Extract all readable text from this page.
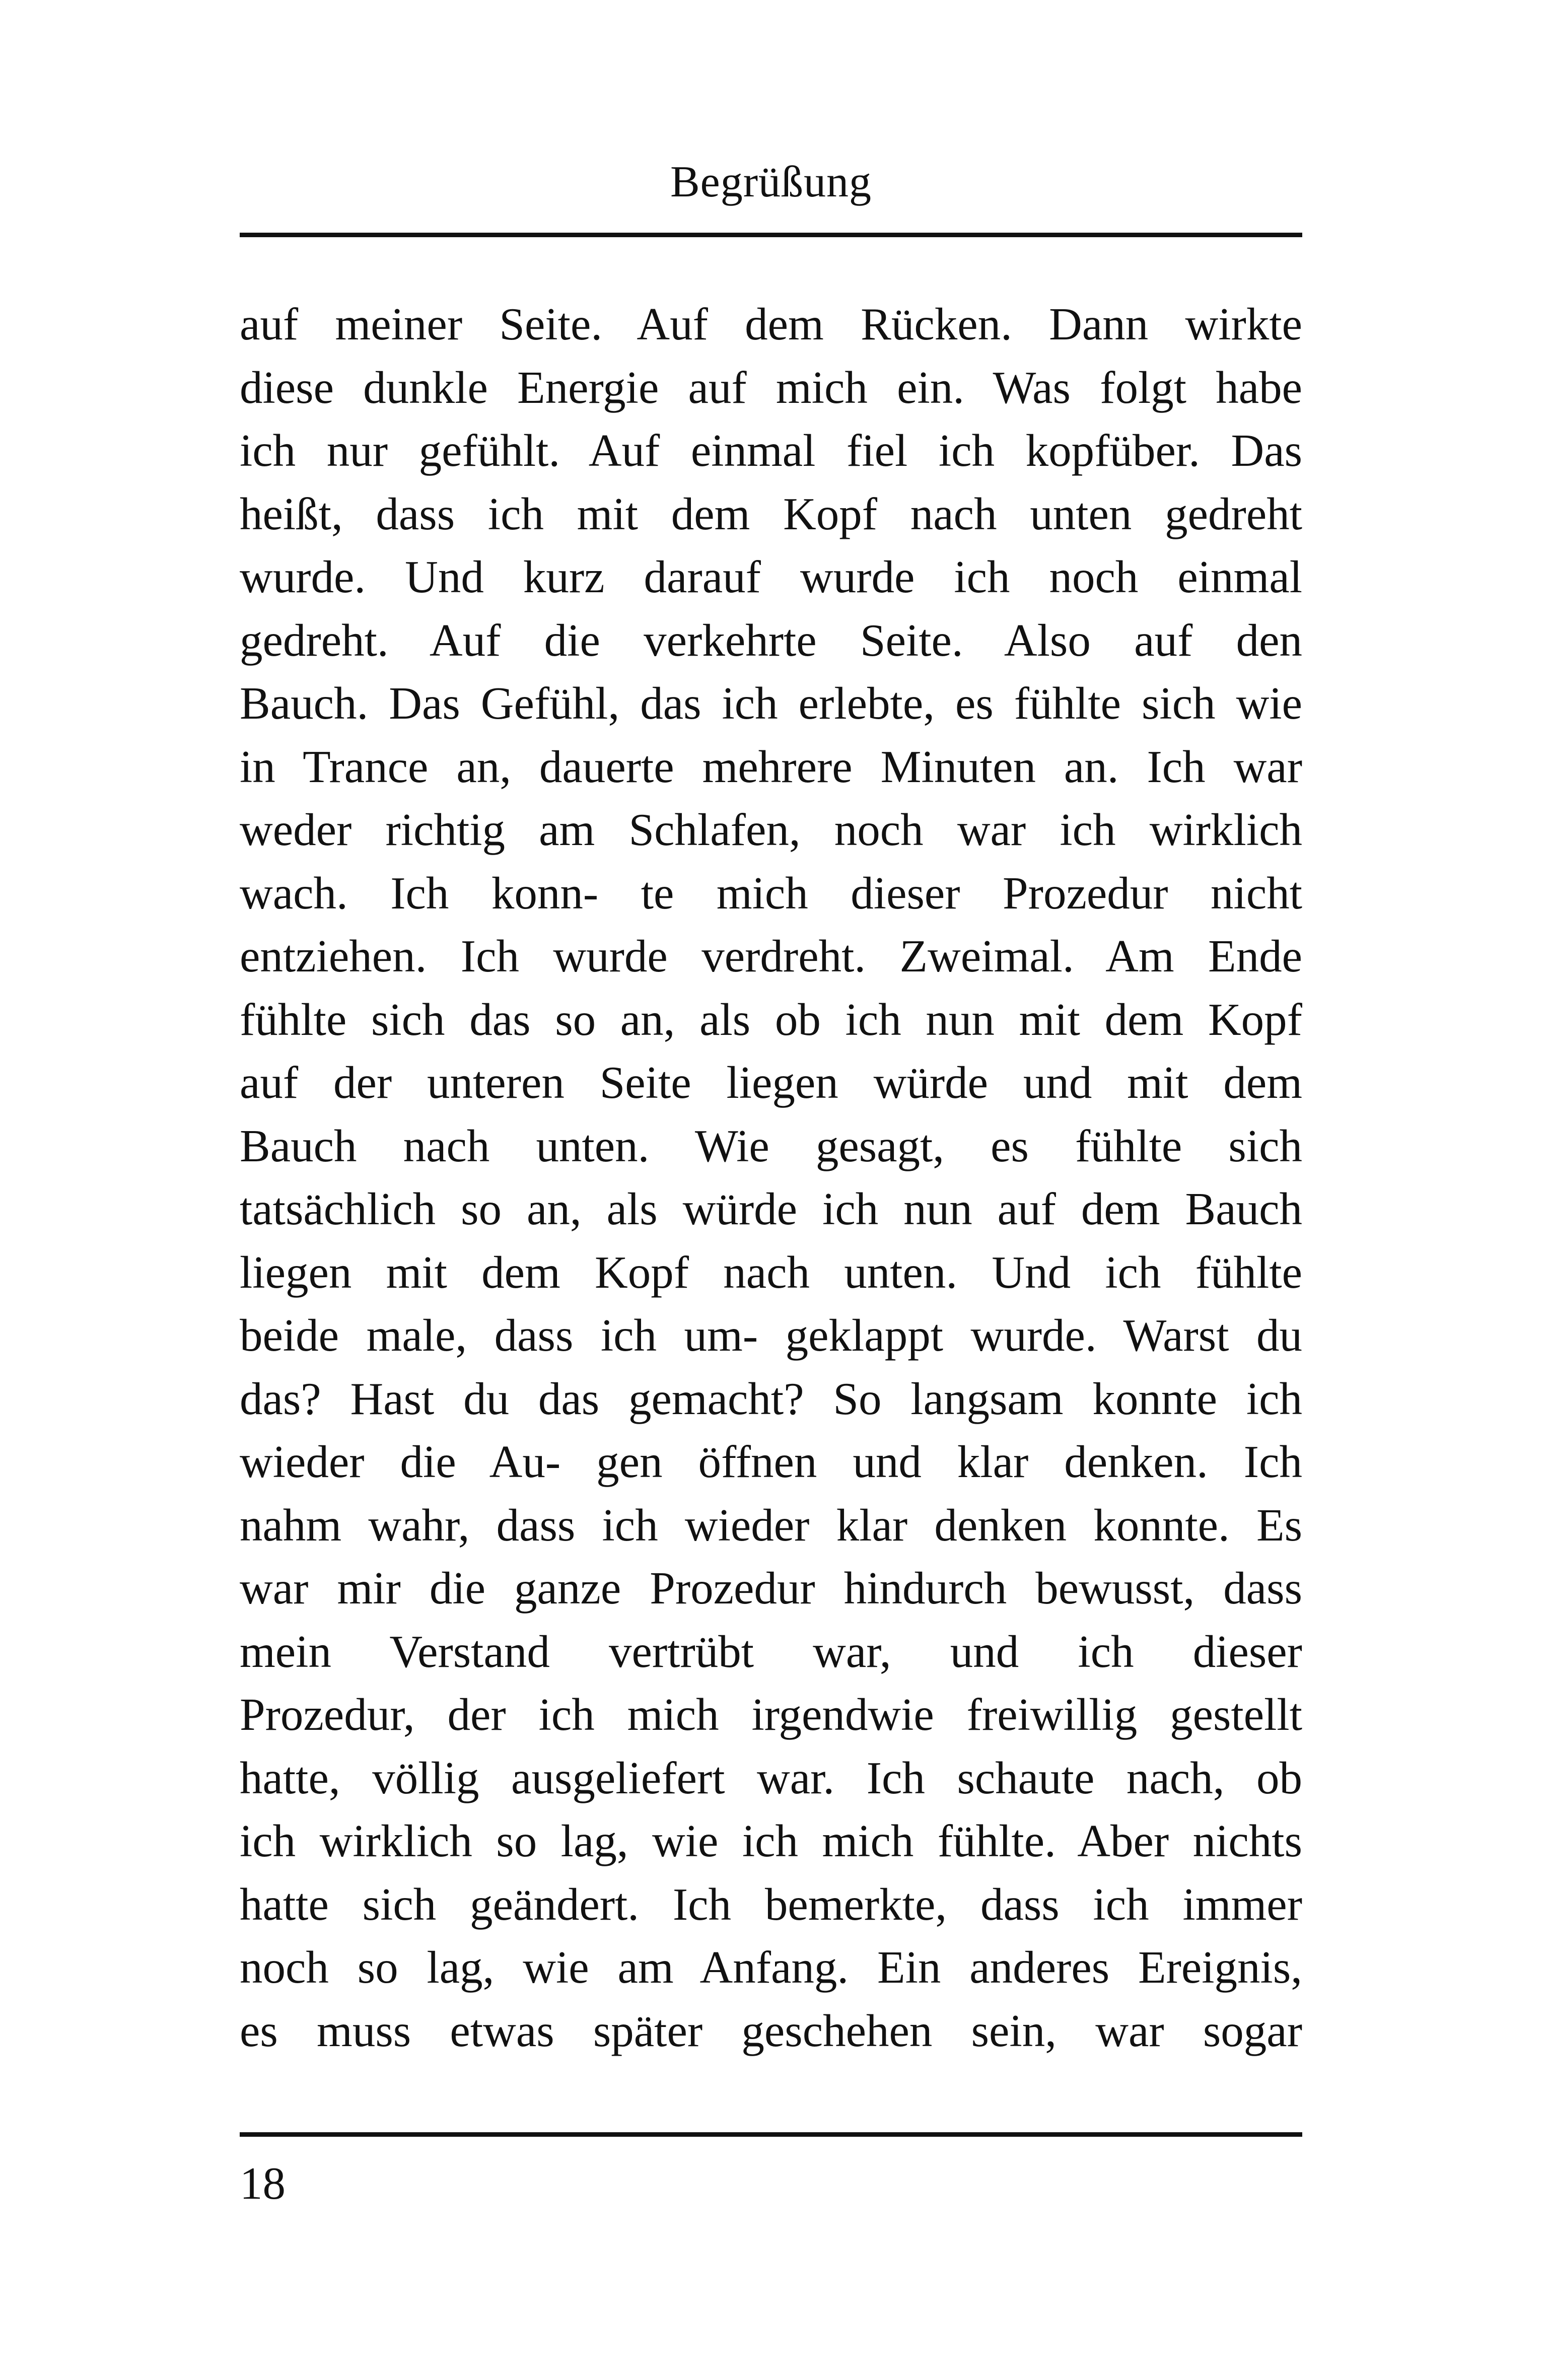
Begrüßung
auf meiner Seite. Auf dem Rücken. Dann wirkte
diese dunkle Energie auf mich ein. Was folgt habe
ich nur gefühlt. Auf einmal fiel ich kopfüber. Das
heißt, dass ich mit dem Kopf nach unten gedreht
wurde. Und kurz darauf wurde ich noch einmal
gedreht. Auf die verkehrte Seite. Also auf den
Bauch. Das Gefühl, das ich erlebte, es fühlte sich wie
in Trance an, dauerte mehrere Minuten an. Ich war
weder richtig am Schlafen, noch war ich wirklich
wach. Ich konn- te mich dieser Prozedur nicht
entziehen. Ich wurde verdreht. Zweimal. Am Ende
fühlte sich das so an, als ob ich nun mit dem Kopf
auf der unteren Seite liegen würde und mit dem
Bauch nach unten. Wie gesagt, es fühlte sich
tatsächlich so an, als würde ich nun auf dem Bauch
liegen mit dem Kopf nach unten. Und ich fühlte
beide male, dass ich um- geklappt wurde. Warst du
das? Hast du das gemacht? So langsam konnte ich
wieder die Au- gen öffnen und klar denken. Ich
nahm wahr, dass ich wieder klar denken konnte. Es
war mir die ganze Prozedur hindurch bewusst, dass
mein Verstand vertrübt war, und ich dieser
Prozedur, der ich mich irgendwie freiwillig gestellt
hatte, völlig ausgeliefert war. Ich schaute nach, ob
ich wirklich so lag, wie ich mich fühlte. Aber nichts
hatte sich geändert. Ich bemerkte, dass ich immer
noch so lag, wie am Anfang. Ein anderes Ereignis,
es muss etwas später geschehen sein, war sogar
18
